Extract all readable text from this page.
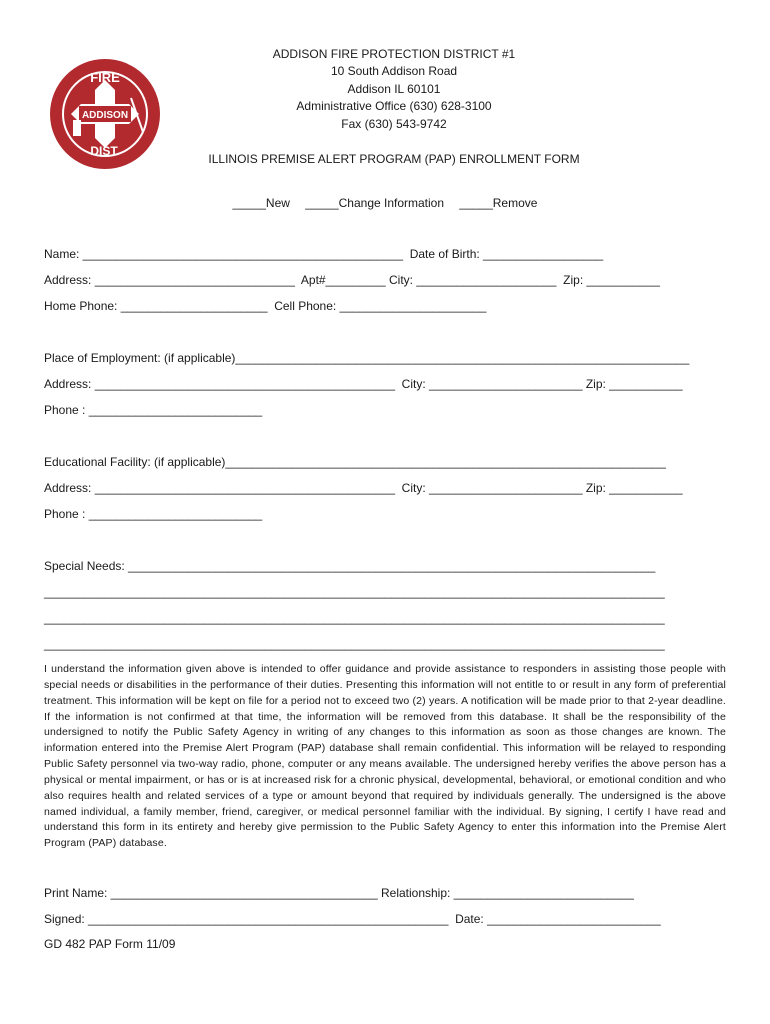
ADDISON
FIRE
DIST.
ADDISON FIRE PROTECTION DISTRICT #1
10 South Addison Road
Addison IL 60101
Administrative Office (630) 628-3100
Fax (630) 543-9742
ILLINOIS PREMISE ALERT PROGRAM (PAP) ENROLLMENT FORM
_____New _____Change Information _____Remove
Name: ________________________________________________  Date of Birth: __________________
Address: ______________________________  Apt#_________ City: _____________________  Zip: ___________
Home Phone: ______________________  Cell Phone: ______________________
Place of Employment: (if applicable)____________________________________________________________________
Address: _____________________________________________  City: _______________________ Zip: ___________
Phone : __________________________
Educational Facility: (if applicable)__________________________________________________________________
Address: _____________________________________________  City: _______________________ Zip: ___________
Phone : __________________________
Special Needs: _______________________________________________________________________________
_____________________________________________________________________________________________
_____________________________________________________________________________________________
_____________________________________________________________________________________________
I understand the information given above is intended to offer guidance and provide assistance to responders in assisting those people with special needs or disabilities in the performance of their duties. Presenting this information will not entitle to or result in any form of preferential treatment. This information will be kept on file for a period not to exceed two (2) years. A notification will be made prior to that 2-year deadline. If the information is not confirmed at that time, the information will be removed from this database. It shall be the responsibility of the undersigned to notify the Public Safety Agency in writing of any changes to this information as soon as those changes are known. The information entered into the Premise Alert Program (PAP) database shall remain confidential. This information will be relayed to responding Public Safety personnel via two-way radio, phone, computer or any means available. The undersigned hereby verifies the above person has a physical or mental impairment, or has or is at increased risk for a chronic physical, developmental, behavioral, or emotional condition and who also requires health and related services of a type or amount beyond that required by individuals generally. The undersigned is the above named individual, a family member, friend, caregiver, or medical personnel familiar with the individual. By signing, I certify I have read and understand this form in its entirety and hereby give permission to the Public Safety Agency to enter this information into the Premise Alert Program (PAP) database.
Print Name: ________________________________________ Relationship: ___________________________
Signed: ______________________________________________________  Date: __________________________
GD 482 PAP Form 11/09
